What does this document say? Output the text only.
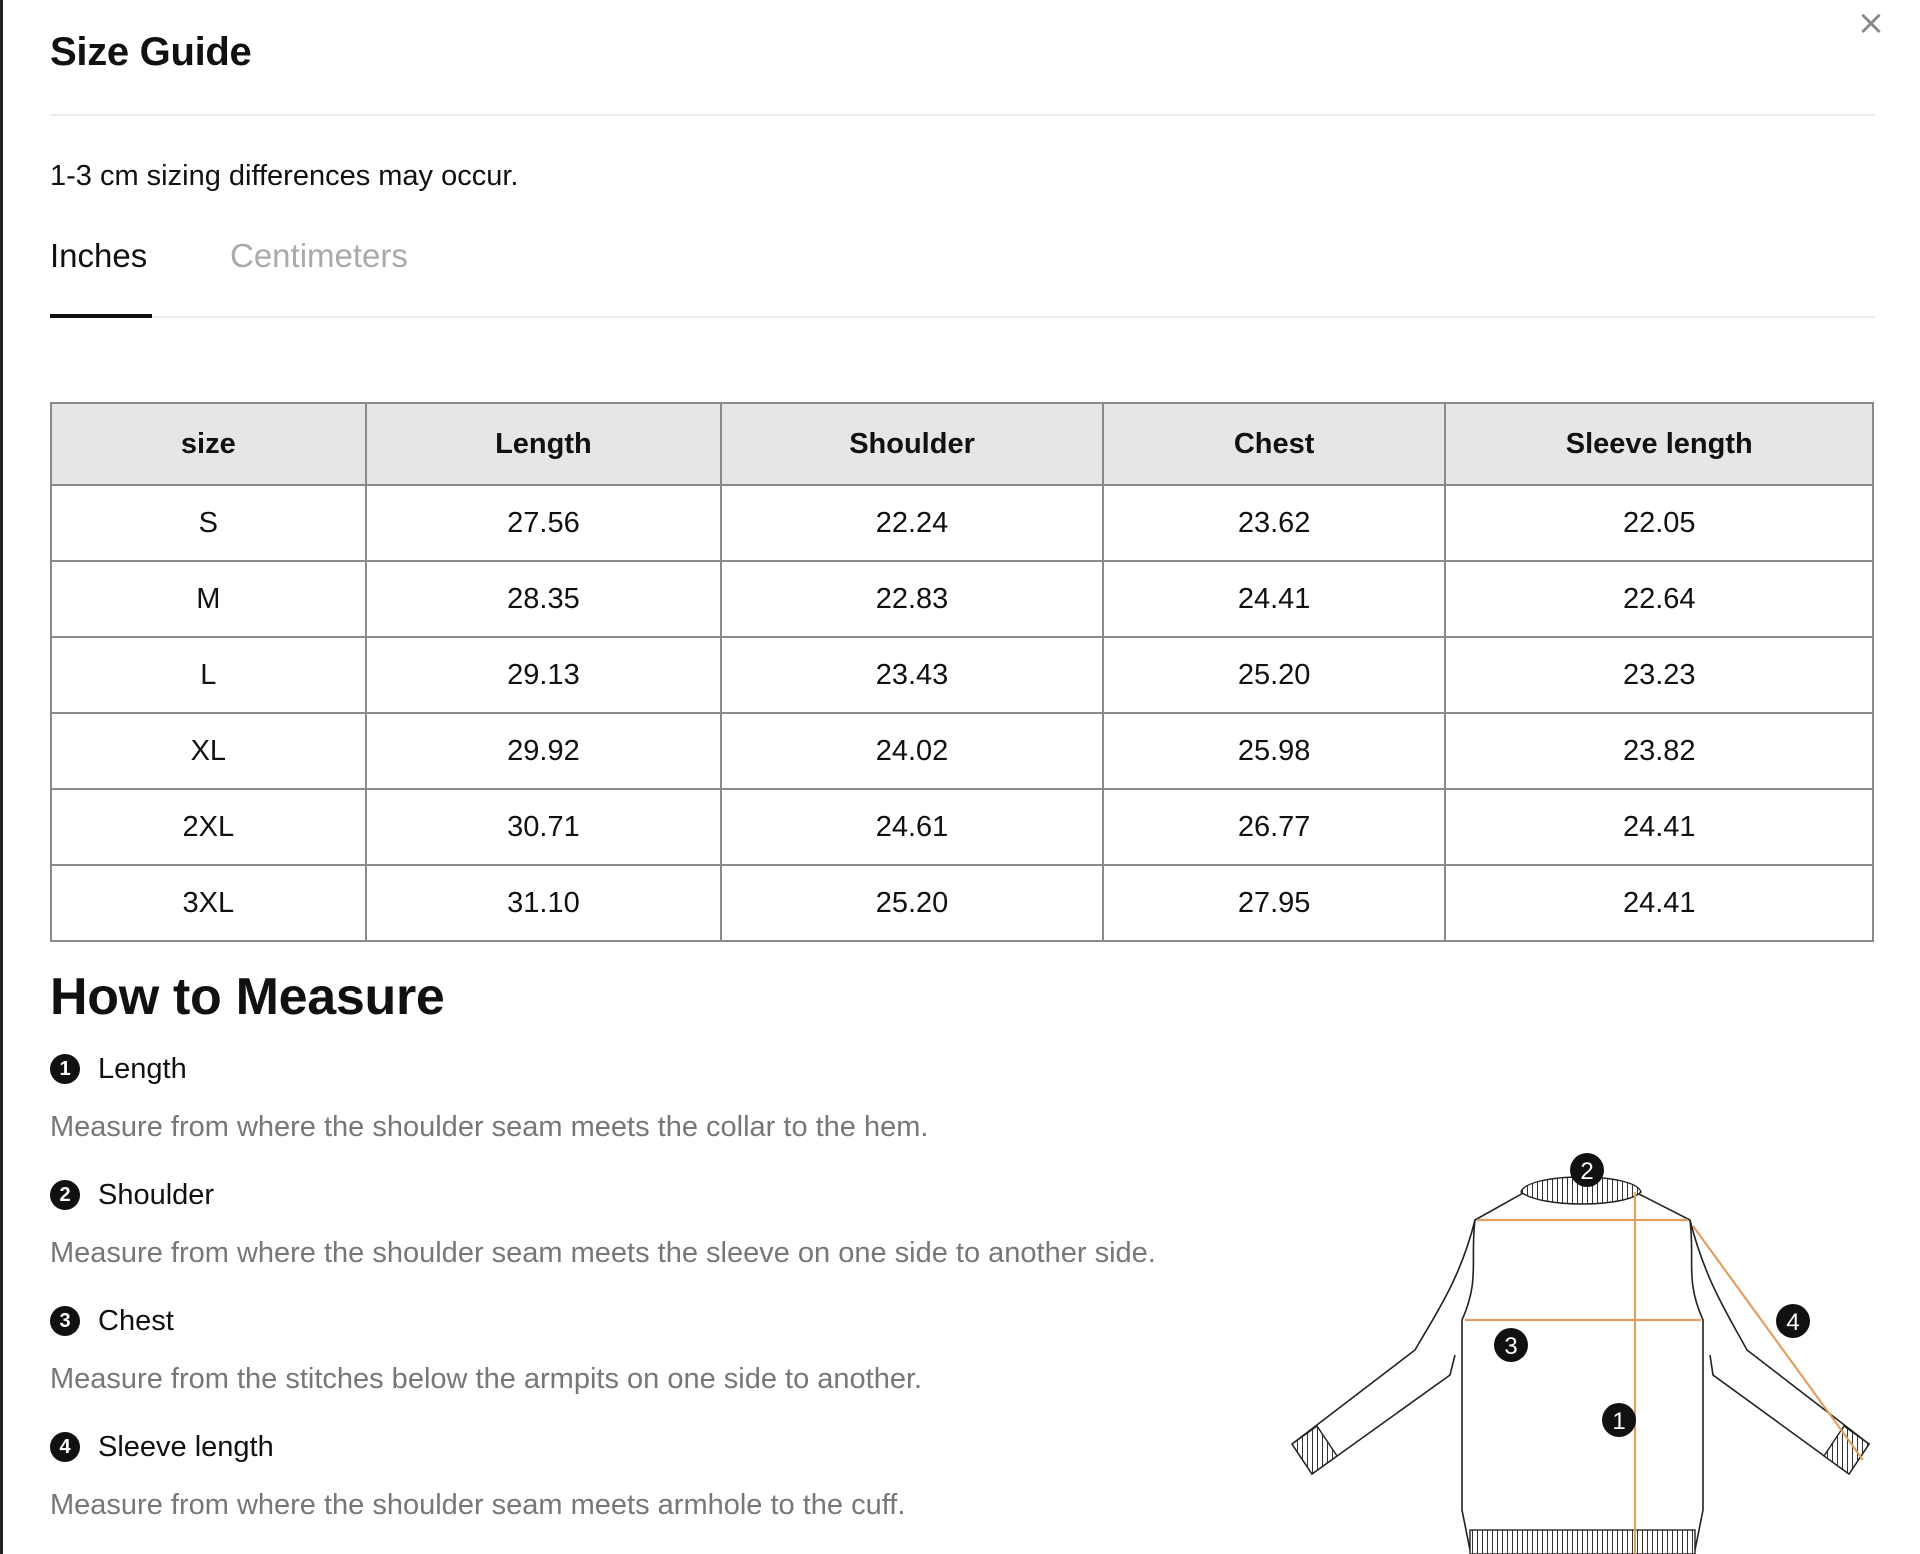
×
Size Guide
1-3 cm sizing differences may occur.
Inches	Centimeters
size	Length	Shoulder	Chest	Sleeve length
S	27.56	22.24	23.62	22.05
M	28.35	22.83	24.41	22.64
L	29.13	23.43	25.20	23.23
XL	29.92	24.02	25.98	23.82
2XL	30.71	24.61	26.77	24.41
3XL	31.10	25.20	27.95	24.41
How to Measure
1 Length
Measure from where the shoulder seam meets the collar to the hem.
2 Shoulder
Measure from where the shoulder seam meets the sleeve on one side to another side.
3 Chest
Measure from the stitches below the armpits on one side to another.
4 Sleeve length
Measure from where the shoulder seam meets armhole to the cuff.
2
3
1
4
